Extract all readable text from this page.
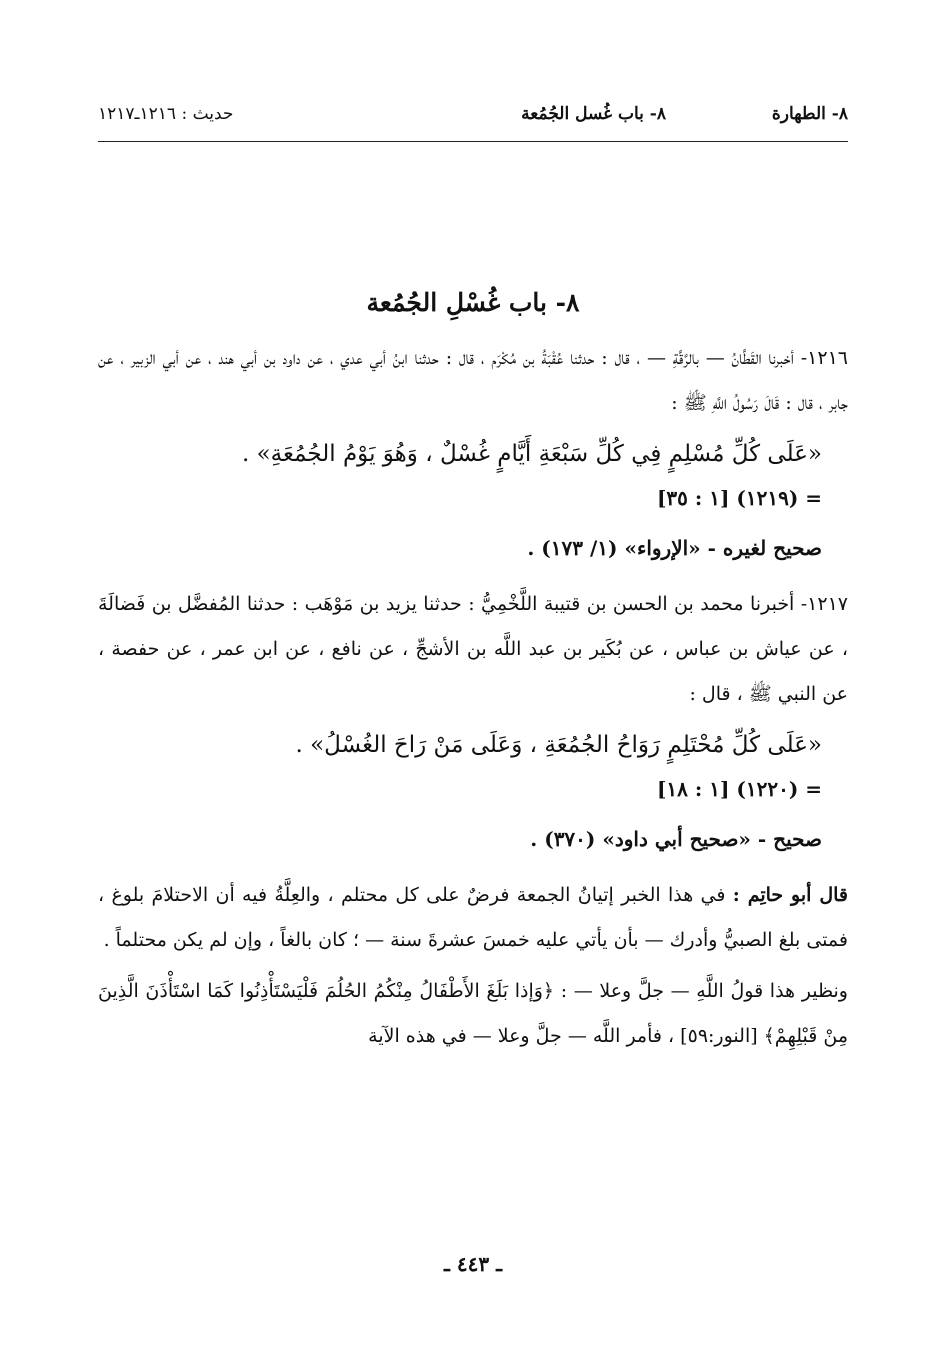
٨- الطهارة
٨- باب غُسل الجُمُعة
حديث : ١٢١٦ـ١٢١٧
٨- باب غُسْلِ الجُمُعة

١٢١٦- أخبرنا القَطَّانُ — بالرَّقَّةِ — ، قال : حدثنا عُقْبَةُ بن مُكْرَم ، قال : حدثنا ابنُ أبي عدي ، عن داود بن أبي هند ، عن أبي الزبير ، عن جابر ، قال : قَالَ رَسُولُ اللَّهِ ﷺ :

«عَلَى كُلِّ مُسْلِمٍ فِي كُلِّ سَبْعَةِ أَيَّامٍ غُسْلٌ ، وَهُوَ يَوْمُ الجُمُعَةِ» .

= (١٢١٩) [١ : ٣٥]

صحيح لغيره - «الإرواء» (١/ ١٧٣) .

١٢١٧- أخبرنا محمد بن الحسن بن قتيبة اللَّخْمِيُّ : حدثنا يزيد بن مَوْهَب : حدثنا المُفضَّل بن فَضالَةَ ، عن عياش بن عباس ، عن بُكَير بن عبد اللَّه بن الأشجِّ ، عن نافع ، عن ابن عمر ، عن حفصة ، عن النبي ﷺ ، قال :

«عَلَى كُلِّ مُحْتَلِمٍ رَوَاحُ الجُمُعَةِ ، وَعَلَى مَنْ رَاحَ الغُسْلُ» .

= (١٢٢٠) [١ : ١٨]

صحيح - «صحيح أبي داود» (٣٧٠) .

قال أبو حاتِم : في هذا الخبر إتيانُ الجمعة فرضٌ على كل محتلم ، والعِلَّةُ فيه أن الاحتلامَ بلوغ ، فمتى بلغ الصبيُّ وأدرك — بأن يأتي عليه خمسَ عشرةَ سنة — ؛ كان بالغاً ، وإن لم يكن محتلماً .

ونظير هذا قولُ اللَّهِ — جلَّ وعلا — : ﴿وَإذا بَلَغَ الأَطْفَالُ مِنْكُمُ الحُلُمَ فَلْيَسْتَأْذِنُوا كَمَا اسْتَأْذَنَ الَّذِينَ مِنْ قَبْلِهِمْ﴾ [النور:٥٩] ، فأمر اللَّه — جلَّ وعلا — في هذه الآية

ـ ٤٤٣ ـ
